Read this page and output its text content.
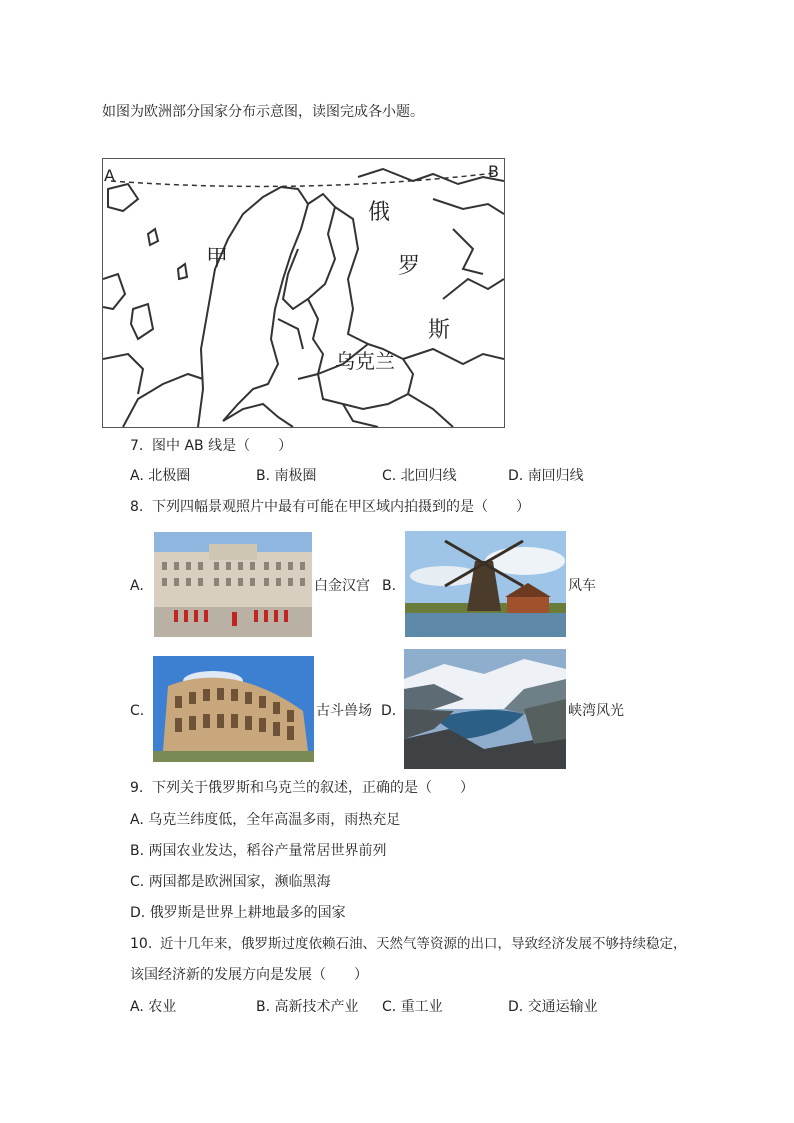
如图为欧洲部分国家分布示意图，读图完成各小题。
A	B
甲
俄
罗
斯
乌克兰
7. 图中 AB 线是（　　）
A. 北极圈	B. 南极圈	C. 北回归线	D. 南回归线
8. 下列四幅景观照片中最有可能在甲区域内拍摄到的是（　　）
A.	白金汉宫 B.	风车
C.	古斗兽场 D.	峡湾风光
9. 下列关于俄罗斯和乌克兰的叙述，正确的是（　　）
A. 乌克兰纬度低，全年高温多雨，雨热充足
B. 两国农业发达，稻谷产量常居世界前列
C. 两国都是欧洲国家，濒临黑海
D. 俄罗斯是世界上耕地最多的国家
10. 近十几年来，俄罗斯过度依赖石油、天然气等资源的出口，导致经济发展不够持续稳定，
该国经济新的发展方向是发展（　　）
A. 农业	B. 高新技术产业 C. 重工业	D. 交通运输业
